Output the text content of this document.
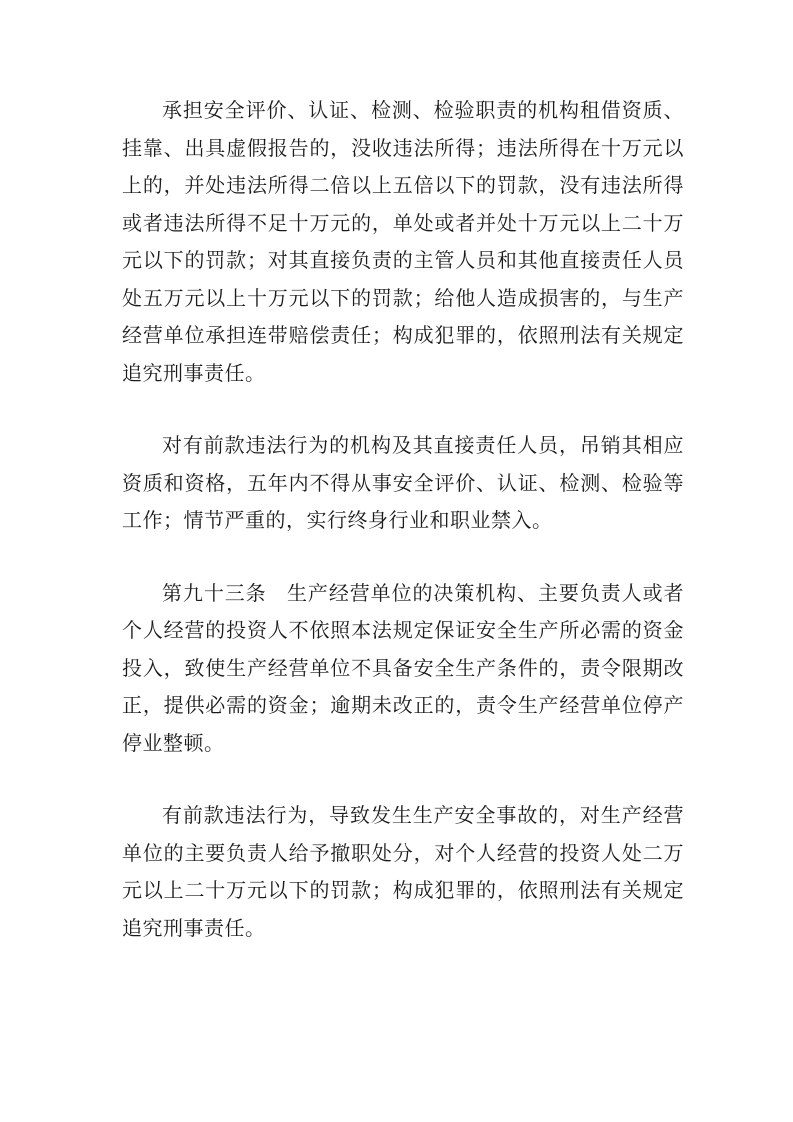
承担安全评价、认证、检测、检验职责的机构租借资质、挂靠、出具虚假报告的，没收违法所得；违法所得在十万元以上的，并处违法所得二倍以上五倍以下的罚款，没有违法所得或者违法所得不足十万元的，单处或者并处十万元以上二十万元以下的罚款；对其直接负责的主管人员和其他直接责任人员处五万元以上十万元以下的罚款；给他人造成损害的，与生产经营单位承担连带赔偿责任；构成犯罪的，依照刑法有关规定追究刑事责任。

对有前款违法行为的机构及其直接责任人员，吊销其相应资质和资格，五年内不得从事安全评价、认证、检测、检验等工作；情节严重的，实行终身行业和职业禁入。

第九十三条 生产经营单位的决策机构、主要负责人或者个人经营的投资人不依照本法规定保证安全生产所必需的资金投入，致使生产经营单位不具备安全生产条件的，责令限期改正，提供必需的资金；逾期未改正的，责令生产经营单位停产停业整顿。

有前款违法行为，导致发生生产安全事故的，对生产经营单位的主要负责人给予撤职处分，对个人经营的投资人处二万元以上二十万元以下的罚款；构成犯罪的，依照刑法有关规定追究刑事责任。
